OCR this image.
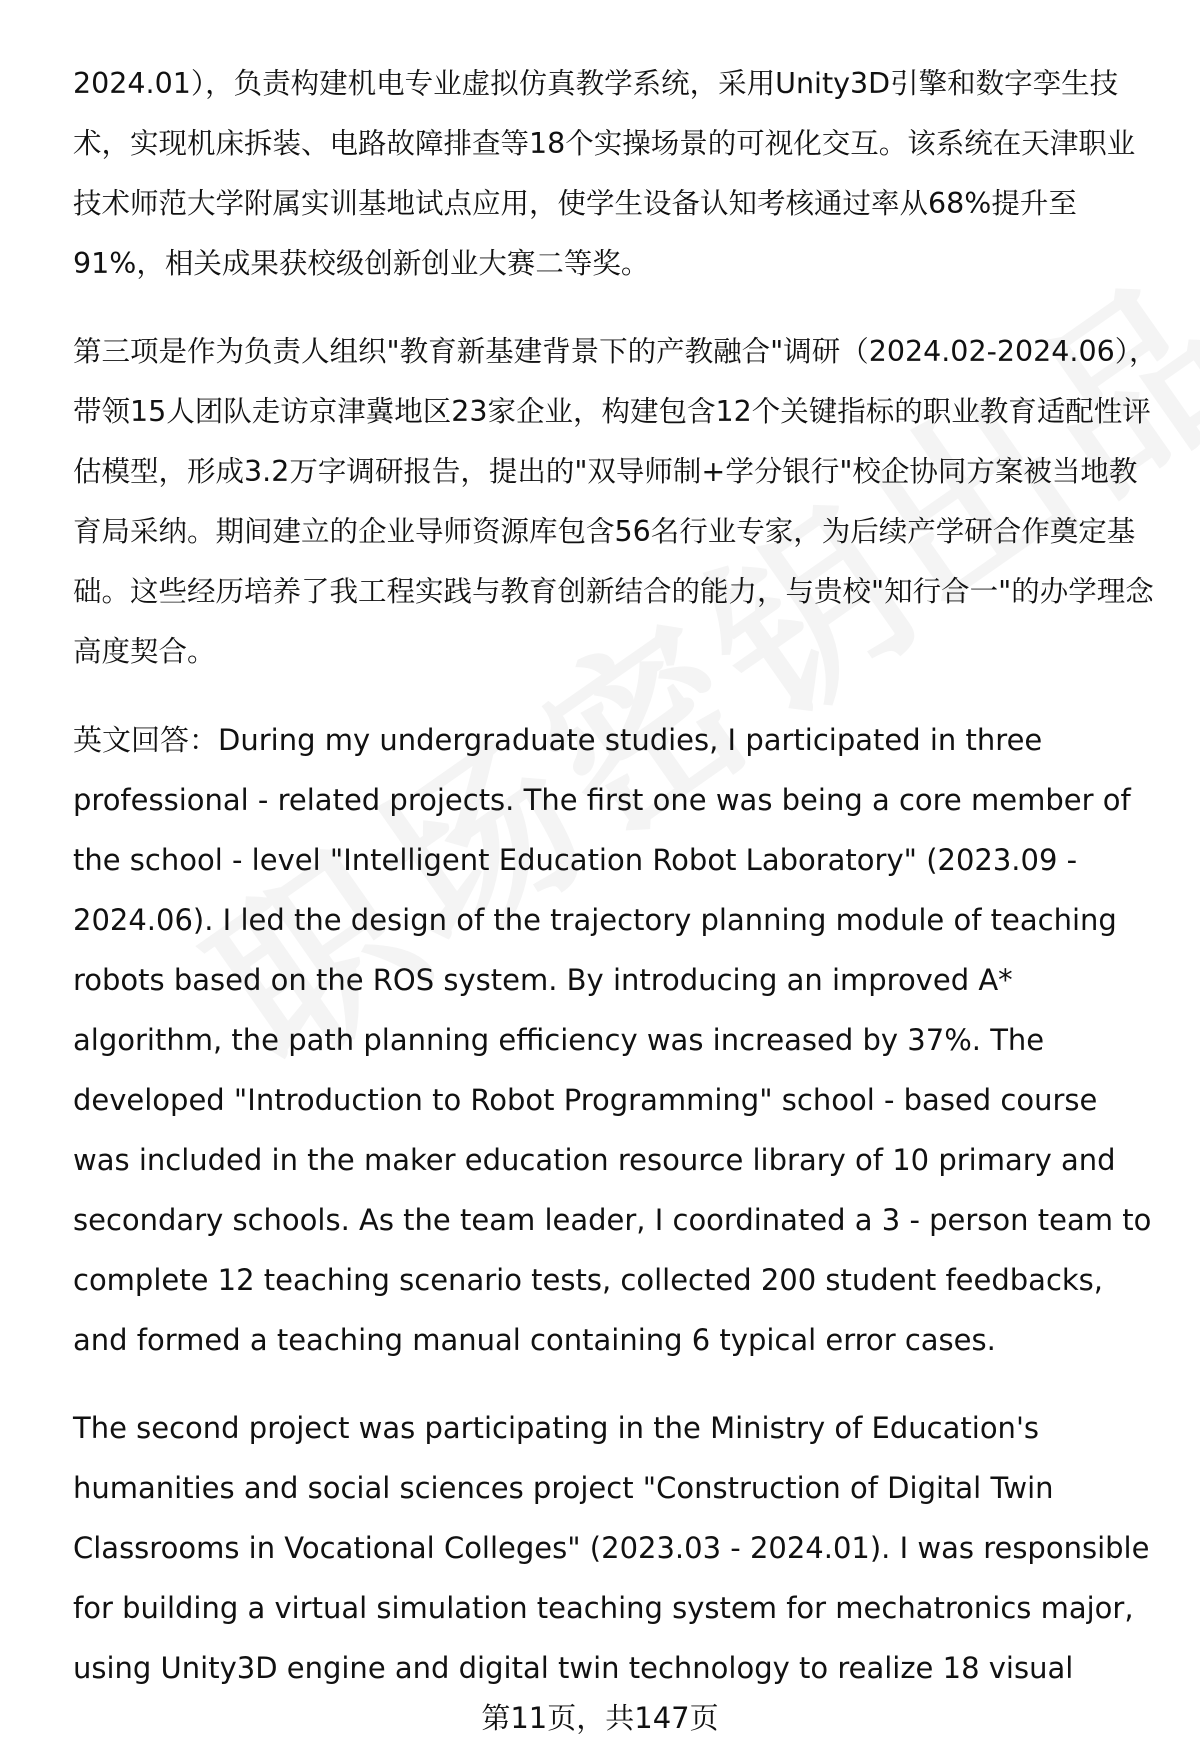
2024.01），负责构建机电专业虚拟仿真教学系统，采用Unity3D引擎和数字孪生技术，实现机床拆装、电路故障排查等18个实操场景的可视化交互。该系统在天津职业技术师范大学附属实训基地试点应用，使学生设备认知考核通过率从68%提升至91%，相关成果获校级创新创业大赛二等奖。

第三项是作为负责人组织"教育新基建背景下的产教融合"调研（2024.02-2024.06），带领15人团队走访京津冀地区23家企业，构建包含12个关键指标的职业教育适配性评估模型，形成3.2万字调研报告，提出的"双导师制+学分银行"校企协同方案被当地教育局采纳。期间建立的企业导师资源库包含56名行业专家，为后续产学研合作奠定基础。这些经历培养了我工程实践与教育创新结合的能力，与贵校"知行合一"的办学理念高度契合。

英文回答：During my undergraduate studies, I participated in three professional - related projects. The first one was being a core member of the school - level "Intelligent Education Robot Laboratory" (2023.09 - 2024.06). I led the design of the trajectory planning module of teaching robots based on the ROS system. By introducing an improved A* algorithm, the path planning efficiency was increased by 37%. The developed "Introduction to Robot Programming" school - based course was included in the maker education resource library of 10 primary and secondary schools. As the team leader, I coordinated a 3 - person team to complete 12 teaching scenario tests, collected 200 student feedbacks, and formed a teaching manual containing 6 typical error cases.

The second project was participating in the Ministry of Education's humanities and social sciences project "Construction of Digital Twin Classrooms in Vocational Colleges" (2023.03 - 2024.01). I was responsible for building a virtual simulation teaching system for mechatronics major, using Unity3D engine and digital twin technology to realize 18 visual

第11页，共147页
